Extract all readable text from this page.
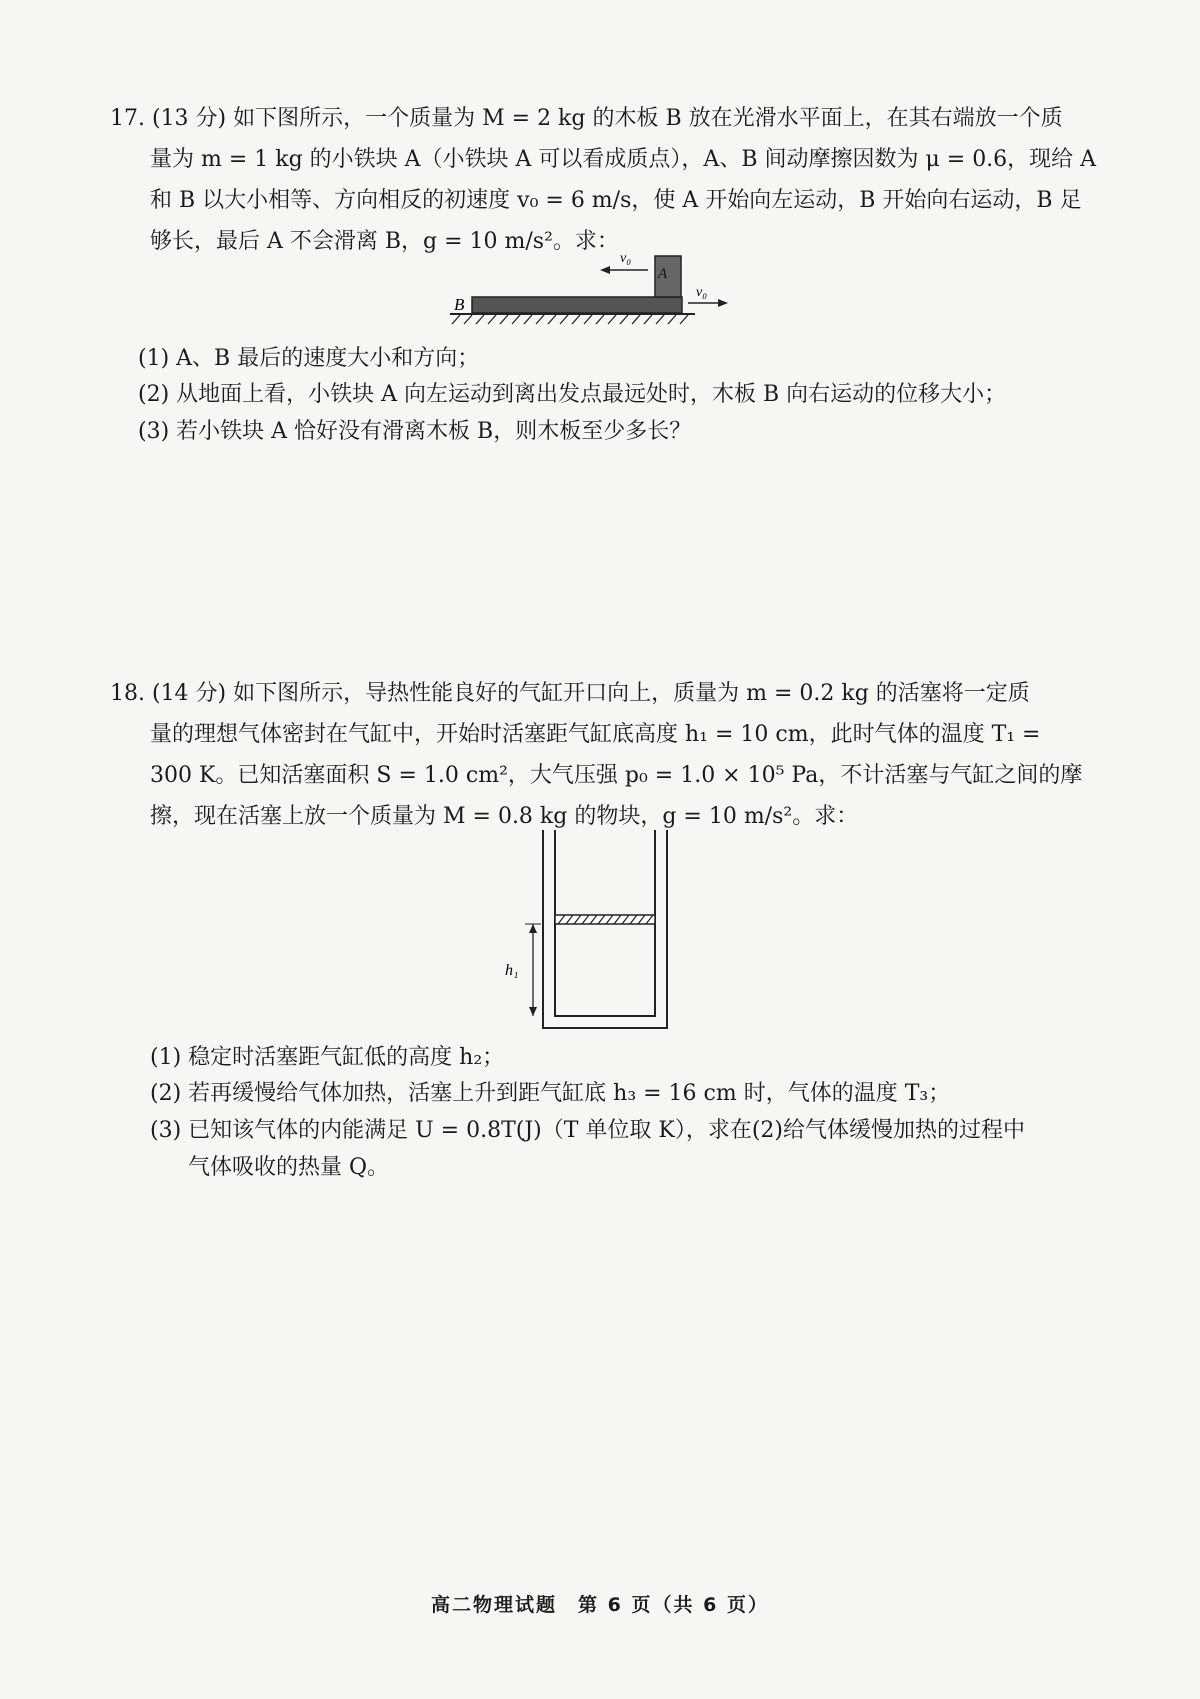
17. (13 分) 如下图所示，一个质量为 M = 2 kg 的木板 B 放在光滑水平面上，在其右端放一个质

量为 m = 1 kg 的小铁块 A（小铁块 A 可以看成质点），A、B 间动摩擦因数为 μ = 0.6，现给 A

和 B 以大小相等、方向相反的初速度 v₀ = 6 m/s，使 A 开始向左运动，B 开始向右运动，B 足

够长，最后 A 不会滑离 B，g = 10 m/s²。求：

B
A
v₀
v₀
(1) A、B 最后的速度大小和方向；
(2) 从地面上看，小铁块 A 向左运动到离出发点最远处时，木板 B 向右运动的位移大小；
(3) 若小铁块 A 恰好没有滑离木板 B，则木板至少多长？

18. (14 分) 如下图所示，导热性能良好的气缸开口向上，质量为 m = 0.2 kg 的活塞将一定质

量的理想气体密封在气缸中，开始时活塞距气缸底高度 h₁ = 10 cm，此时气体的温度 T₁ =

300 K。已知活塞面积 S = 1.0 cm²，大气压强 p₀ = 1.0 × 10⁵ Pa，不计活塞与气缸之间的摩

擦，现在活塞上放一个质量为 M = 0.8 kg 的物块，g = 10 m/s²。求：

h₁
(1) 稳定时活塞距气缸低的高度 h₂；
(2) 若再缓慢给气体加热，活塞上升到距气缸底 h₃ = 16 cm 时，气体的温度 T₃；
(3) 已知该气体的内能满足 U = 0.8T(J)（T 单位取 K），求在(2)给气体缓慢加热的过程中
气体吸收的热量 Q。
高二物理试题　第 6 页（共 6 页）
